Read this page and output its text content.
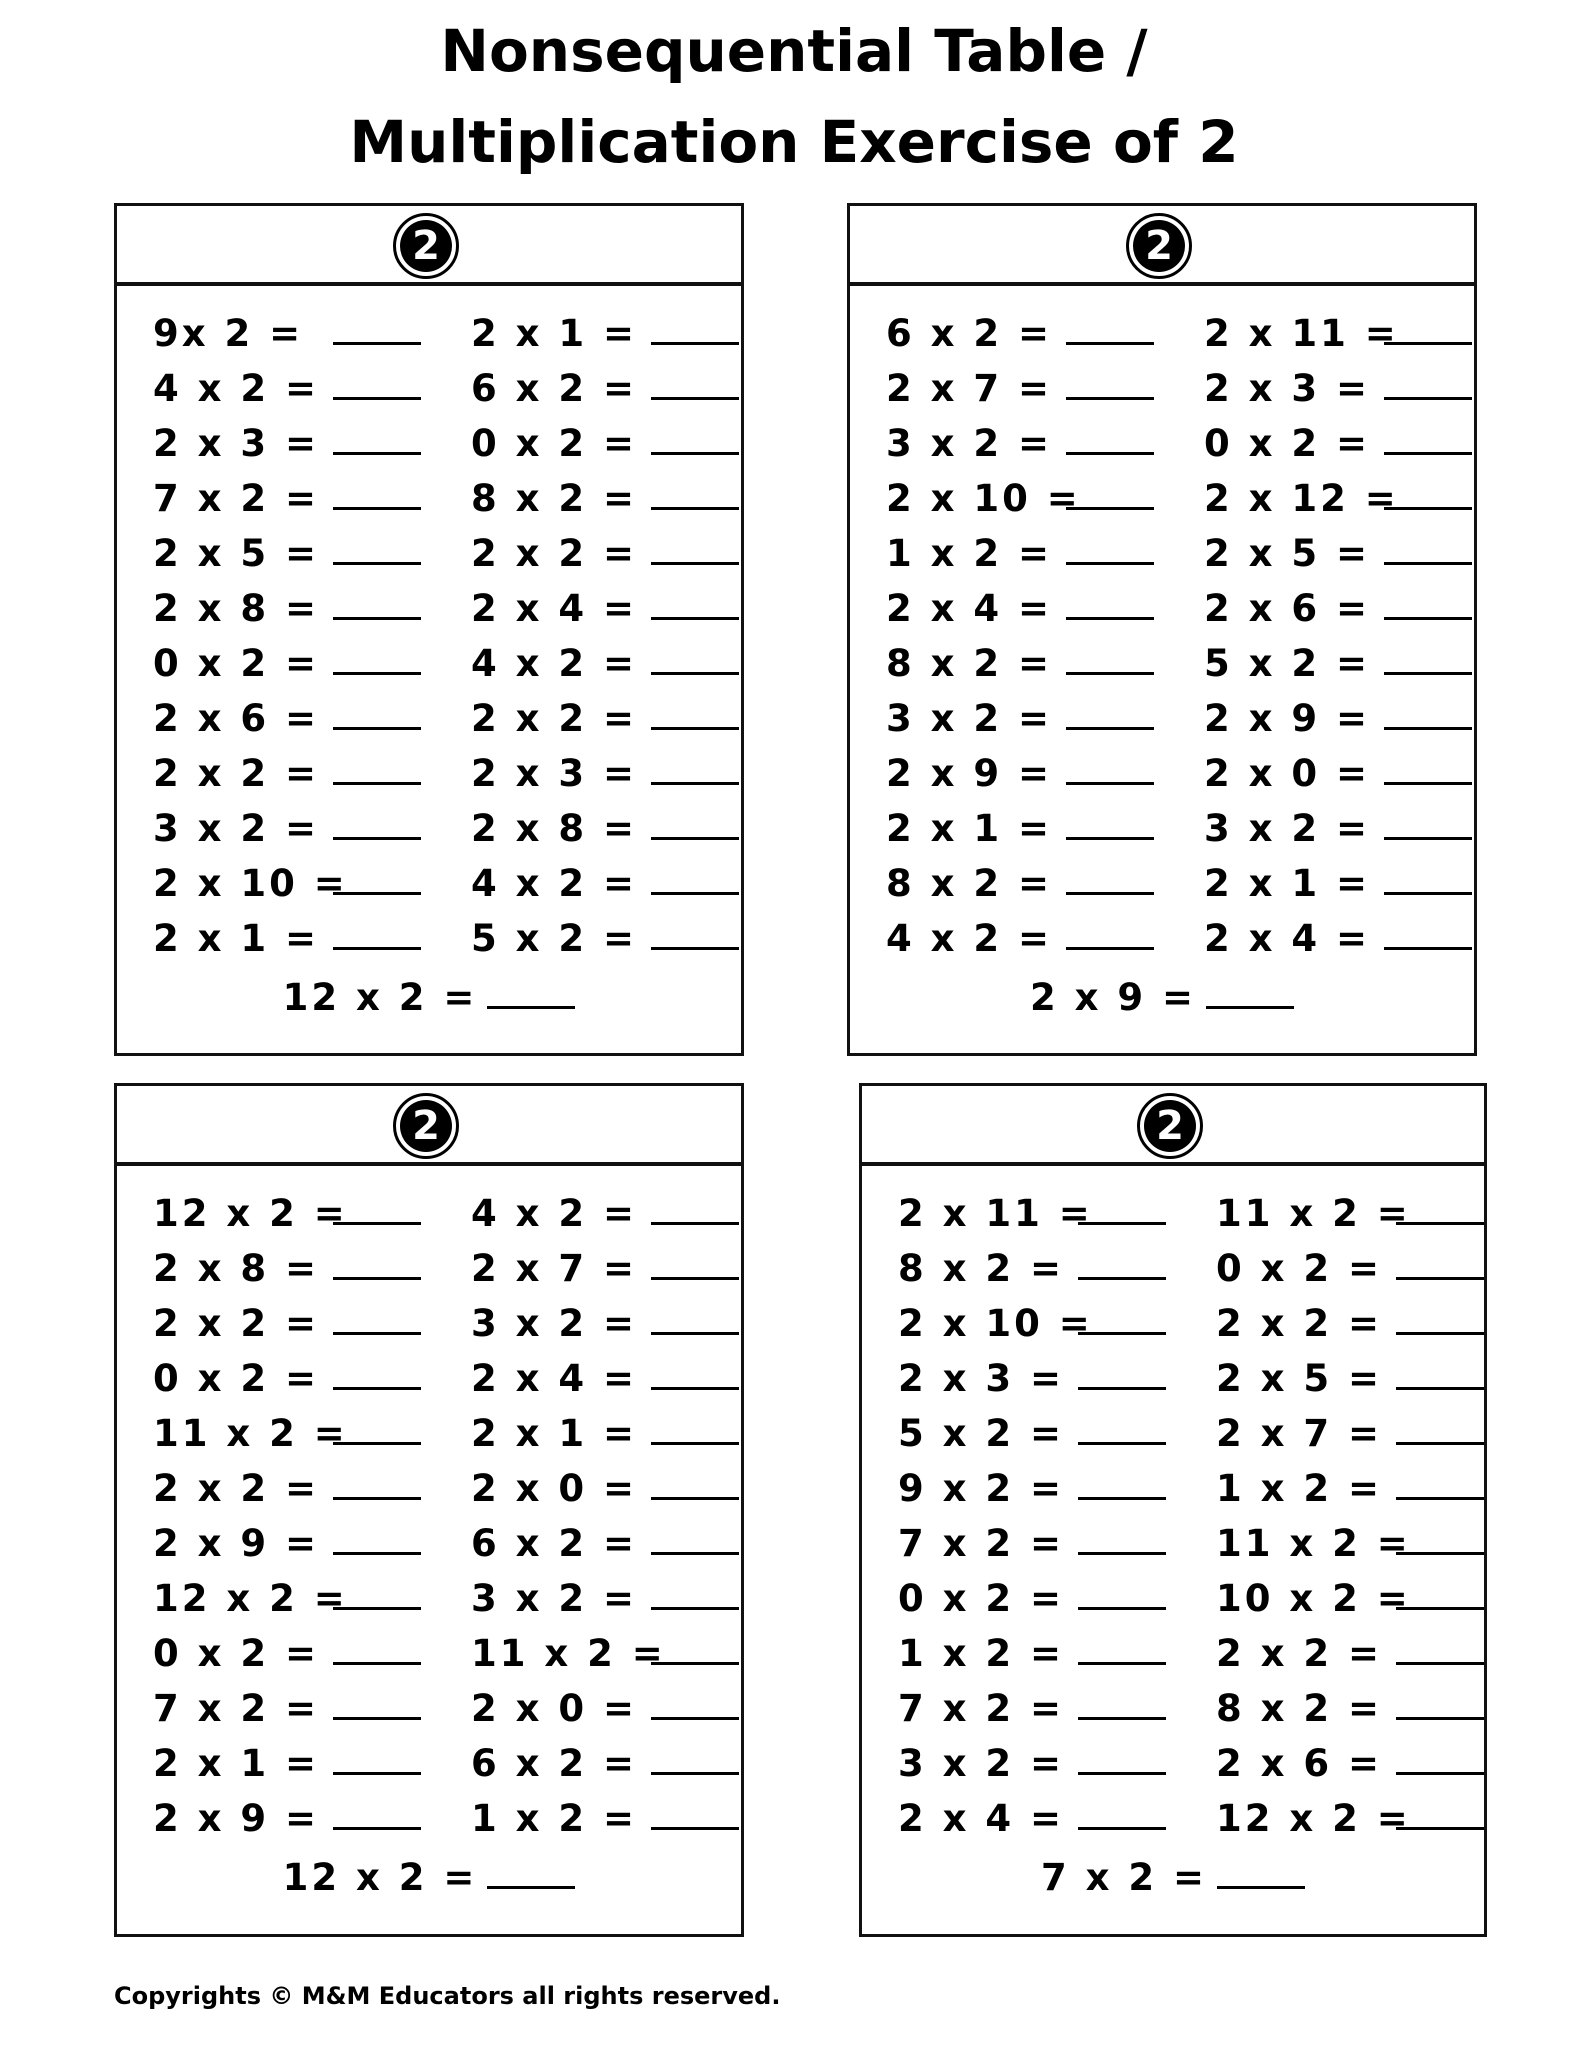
Nonsequential Table /
Multiplication Exercise of 2
2
9x 2 =
4 x 2 =
2 x 3 =
7 x 2 =
2 x 5 =
2 x 8 =
0 x 2 =
2 x 6 =
2 x 2 =
3 x 2 =
2 x 10 =
2 x 1 =
2 x 1 =
6 x 2 =
0 x 2 =
8 x 2 =
2 x 2 =
2 x 4 =
4 x 2 =
2 x 2 =
2 x 3 =
2 x 8 =
4 x 2 =
5 x 2 =
12 x 2 =
2
6 x 2 =
2 x 7 =
3 x 2 =
2 x 10 =
1 x 2 =
2 x 4 =
8 x 2 =
3 x 2 =
2 x 9 =
2 x 1 =
8 x 2 =
4 x 2 =
2 x 11 =
2 x 3 =
0 x 2 =
2 x 12 =
2 x 5 =
2 x 6 =
5 x 2 =
2 x 9 =
2 x 0 =
3 x 2 =
2 x 1 =
2 x 4 =
2 x 9 =
2
12 x 2 =
2 x 8 =
2 x 2 =
0 x 2 =
11 x 2 =
2 x 2 =
2 x 9 =
12 x 2 =
0 x 2 =
7 x 2 =
2 x 1 =
2 x 9 =
4 x 2 =
2 x 7 =
3 x 2 =
2 x 4 =
2 x 1 =
2 x 0 =
6 x 2 =
3 x 2 =
11 x 2 =
2 x 0 =
6 x 2 =
1 x 2 =
12 x 2 =
2
2 x 11 =
8 x 2 =
2 x 10 =
2 x 3 =
5 x 2 =
9 x 2 =
7 x 2 =
0 x 2 =
1 x 2 =
7 x 2 =
3 x 2 =
2 x 4 =
11 x 2 =
0 x 2 =
2 x 2 =
2 x 5 =
2 x 7 =
1 x 2 =
11 x 2 =
10 x 2 =
2 x 2 =
8 x 2 =
2 x 6 =
12 x 2 =
7 x 2 =
Copyrights © M&M Educators all rights reserved.
